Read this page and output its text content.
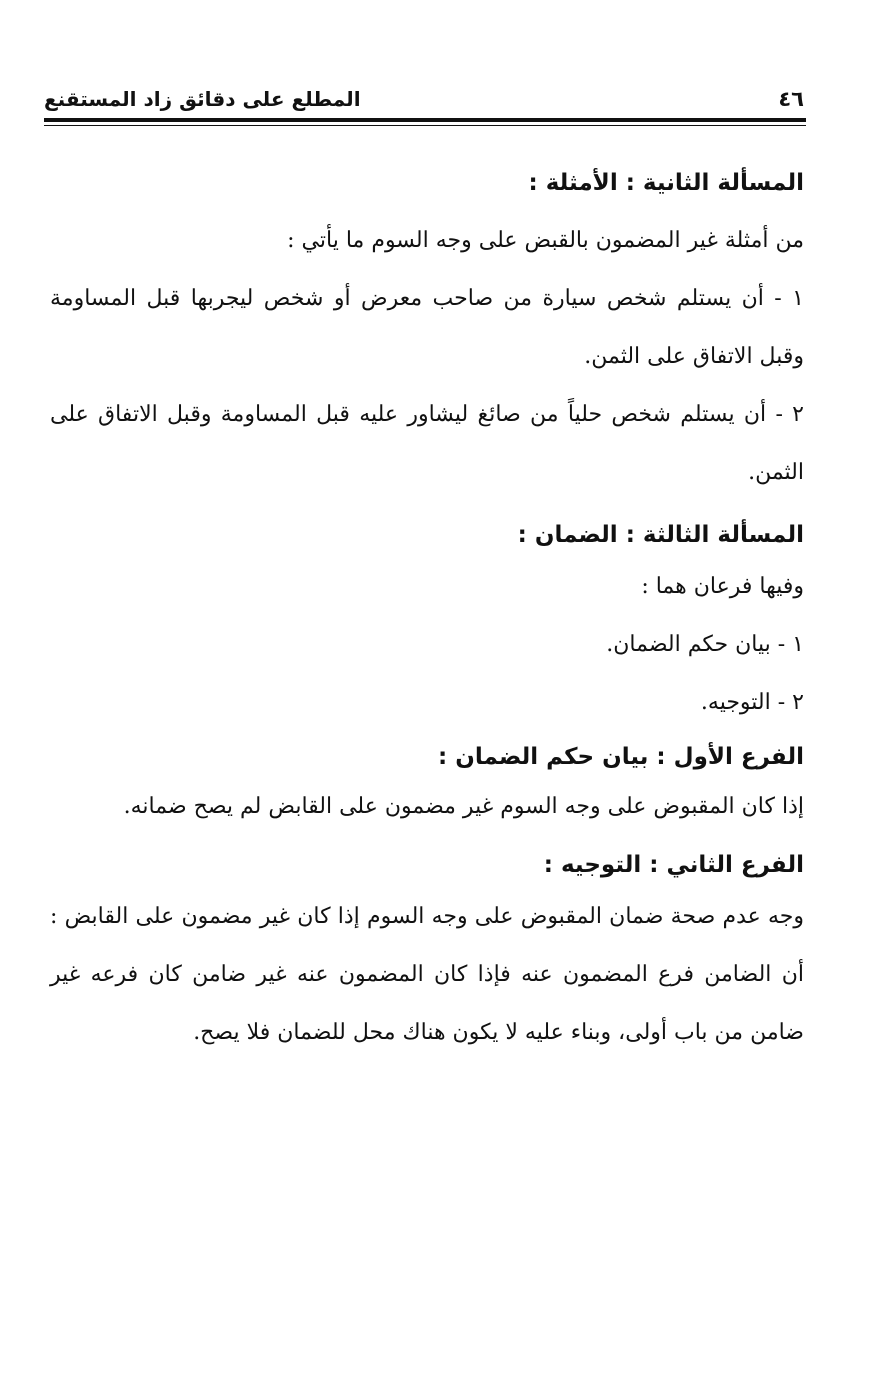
٤٦
المطلع على دقائق زاد المستقنع
المسألة الثانية : الأمثلة :
من أمثلة غير المضمون بالقبض على وجه السوم ما يأتي :
١ - أن يستلم شخص سيارة من صاحب معرض أو شخص ليجربها قبل المساومة وقبل الاتفاق على الثمن.
٢ - أن يستلم شخص حلياً من صائغ ليشاور عليه قبل المساومة وقبل الاتفاق على الثمن.
المسألة الثالثة : الضمان :
وفيها فرعان هما :
١ - بيان حكم الضمان.
٢ - التوجيه.
الفرع الأول : بيان حكم الضمان :
إذا كان المقبوض على وجه السوم غير مضمون على القابض لم يصح ضمانه.
الفرع الثاني : التوجيه :
وجه عدم صحة ضمان المقبوض على وجه السوم إذا كان غير مضمون على القابض : أن الضامن فرع المضمون عنه فإذا كان المضمون عنه غير ضامن كان فرعه غير ضامن من باب أولى، وبناء عليه لا يكون هناك محل للضمان فلا يصح.
